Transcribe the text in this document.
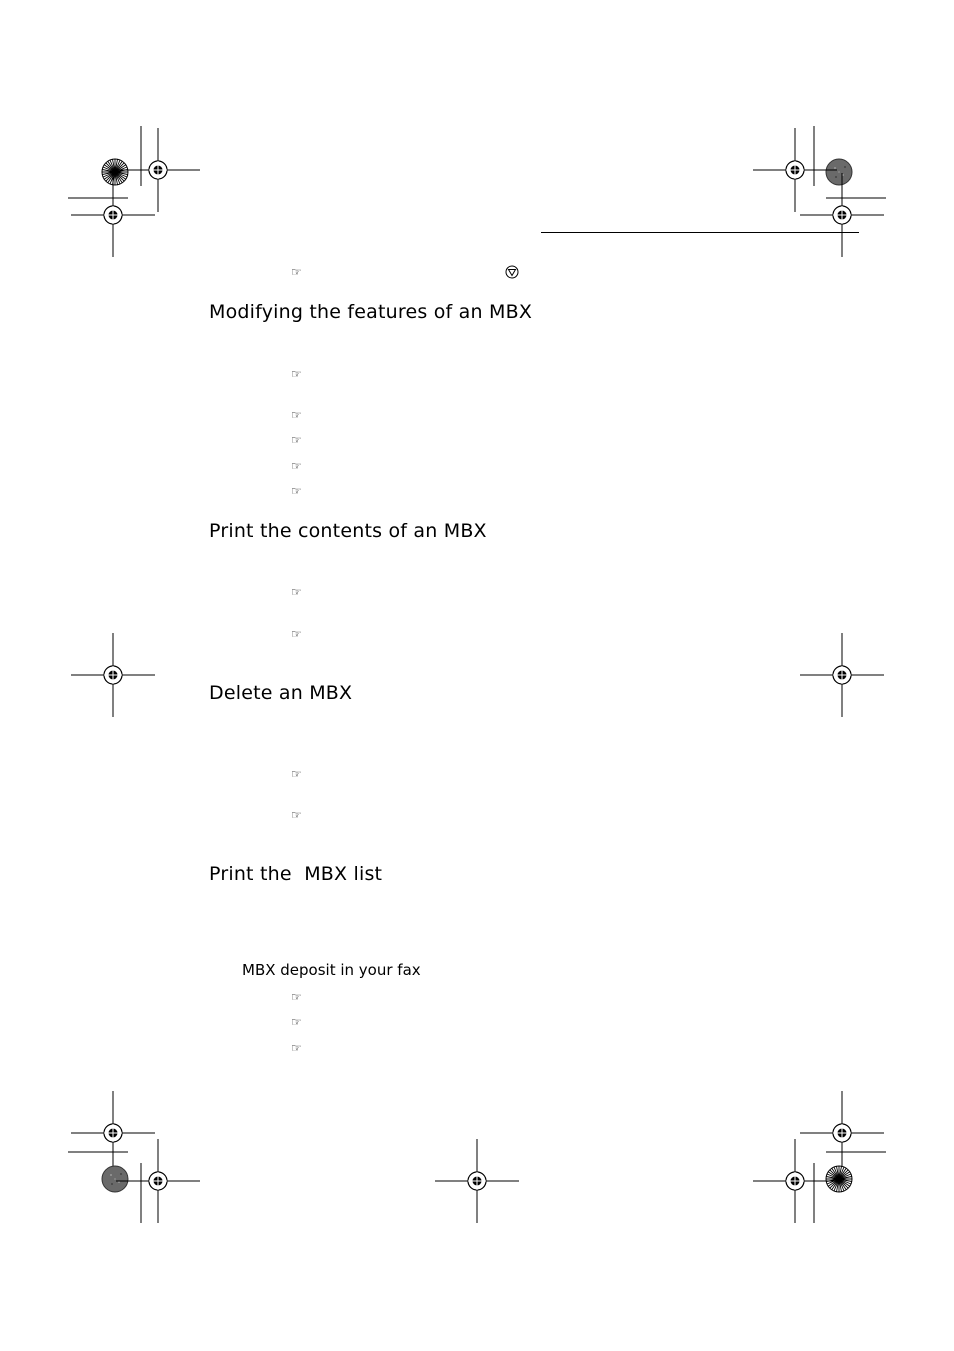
☞
Modifying the features of an MBX
☞
☞
☞
☞
☞
Print the contents of an MBX
☞
☞
Delete an MBX
☞
☞
Print the  MBX list
MBX deposit in your fax
☞
☞
☞
